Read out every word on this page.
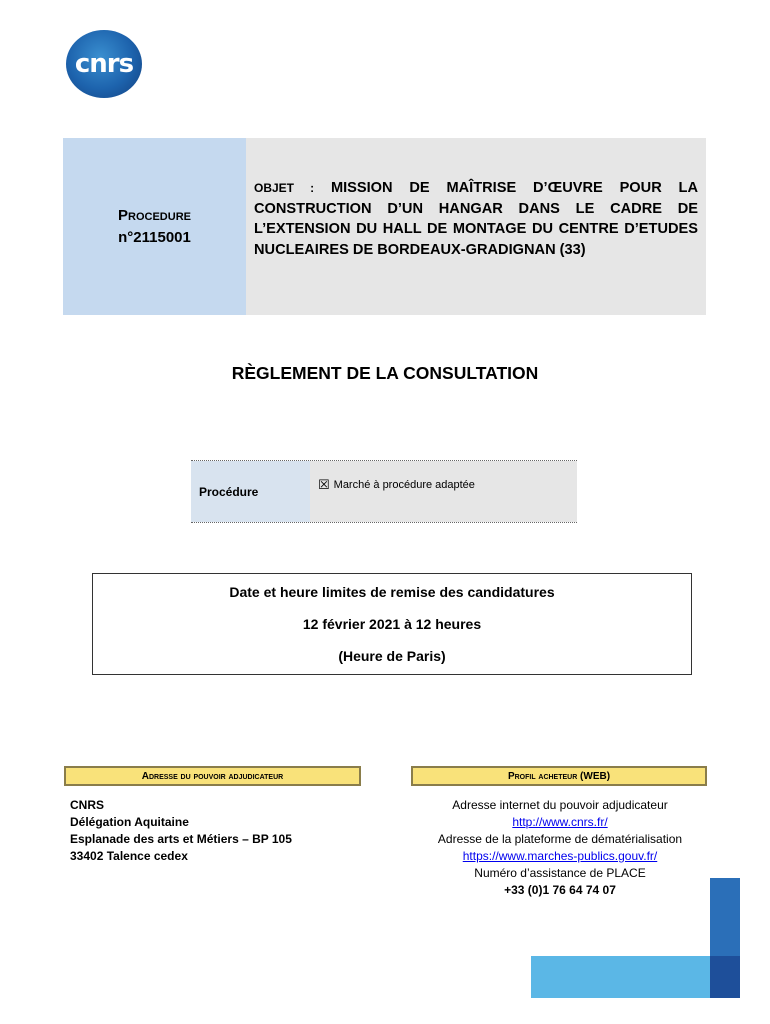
cnrs
Procedure
n°2115001
OBJET : MISSION DE MAÎTRISE D’ŒUVRE POUR LA CONSTRUCTION D’UN HANGAR DANS LE CADRE DE L’EXTENSION DU HALL DE MONTAGE DU CENTRE D’ETUDES NUCLEAIRES DE BORDEAUX-GRADIGNAN (33)
RÈGLEMENT DE LA CONSULTATION
Procédure	☒ Marché à procédure adaptée
Date et heure limites de remise des candidatures
12 février 2021 à 12 heures
(Heure de Paris)
Adresse du pouvoir adjudicateur	Profil acheteur (WEB)
CNRS
Délégation Aquitaine
Esplanade des arts et Métiers – BP 105
33402 Talence cedex
Adresse internet du pouvoir adjudicateur
http://www.cnrs.fr/
Adresse de la plateforme de dématérialisation
https://www.marches-publics.gouv.fr/
Numéro d’assistance de PLACE
+33 (0)1 76 64 74 07
